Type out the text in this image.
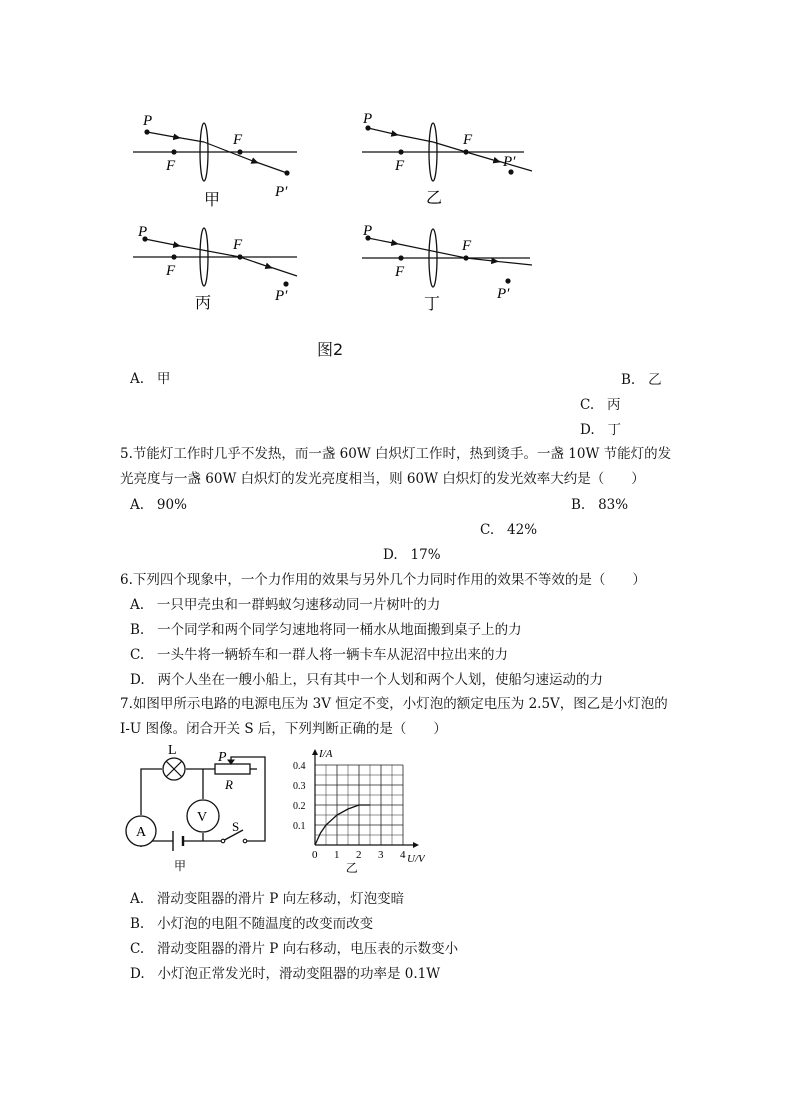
P
F
F
P′
甲
P
F
F
P′
乙
P
F
F
P′
丙
P
F
F
P′
丁
图2
A. 甲	B. 乙
C. 丙
D. 丁
5.节能灯工作时几乎不发热，而一盏 60W 白炽灯工作时，热到烫手。一盏 10W 节能灯的发
光亮度与一盏 60W 白炽灯的发光亮度相当，则 60W 白炽灯的发光效率大约是（　　）
A. 90%	B. 83%
C. 42%
D. 17%
6.下列四个现象中，一个力作用的效果与另外几个力同时作用的效果不等效的是（　　）
A. 一只甲壳虫和一群蚂蚁匀速移动同一片树叶的力
B. 一个同学和两个同学匀速地将同一桶水从地面搬到桌子上的力
C. 一头牛将一辆轿车和一群人将一辆卡车从泥沼中拉出来的力
D. 两个人坐在一艘小船上，只有其中一个人划和两个人划，使船匀速运动的力
7.如图甲所示电路的电源电压为 3V 恒定不变，小灯泡的额定电压为 2.5V，图乙是小灯泡的
I-U 图像。闭合开关 S 后，下列判断正确的是（　　）
L
A
V
P
R
S
甲
0 1 2 3 4
0.1
0.2
0.3
0.4
I/A
U/V
乙
A. 滑动变阻器的滑片 P 向左移动，灯泡变暗
B. 小灯泡的电阻不随温度的改变而改变
C. 滑动变阻器的滑片 P 向右移动，电压表的示数变小
D. 小灯泡正常发光时，滑动变阻器的功率是 0.1W
